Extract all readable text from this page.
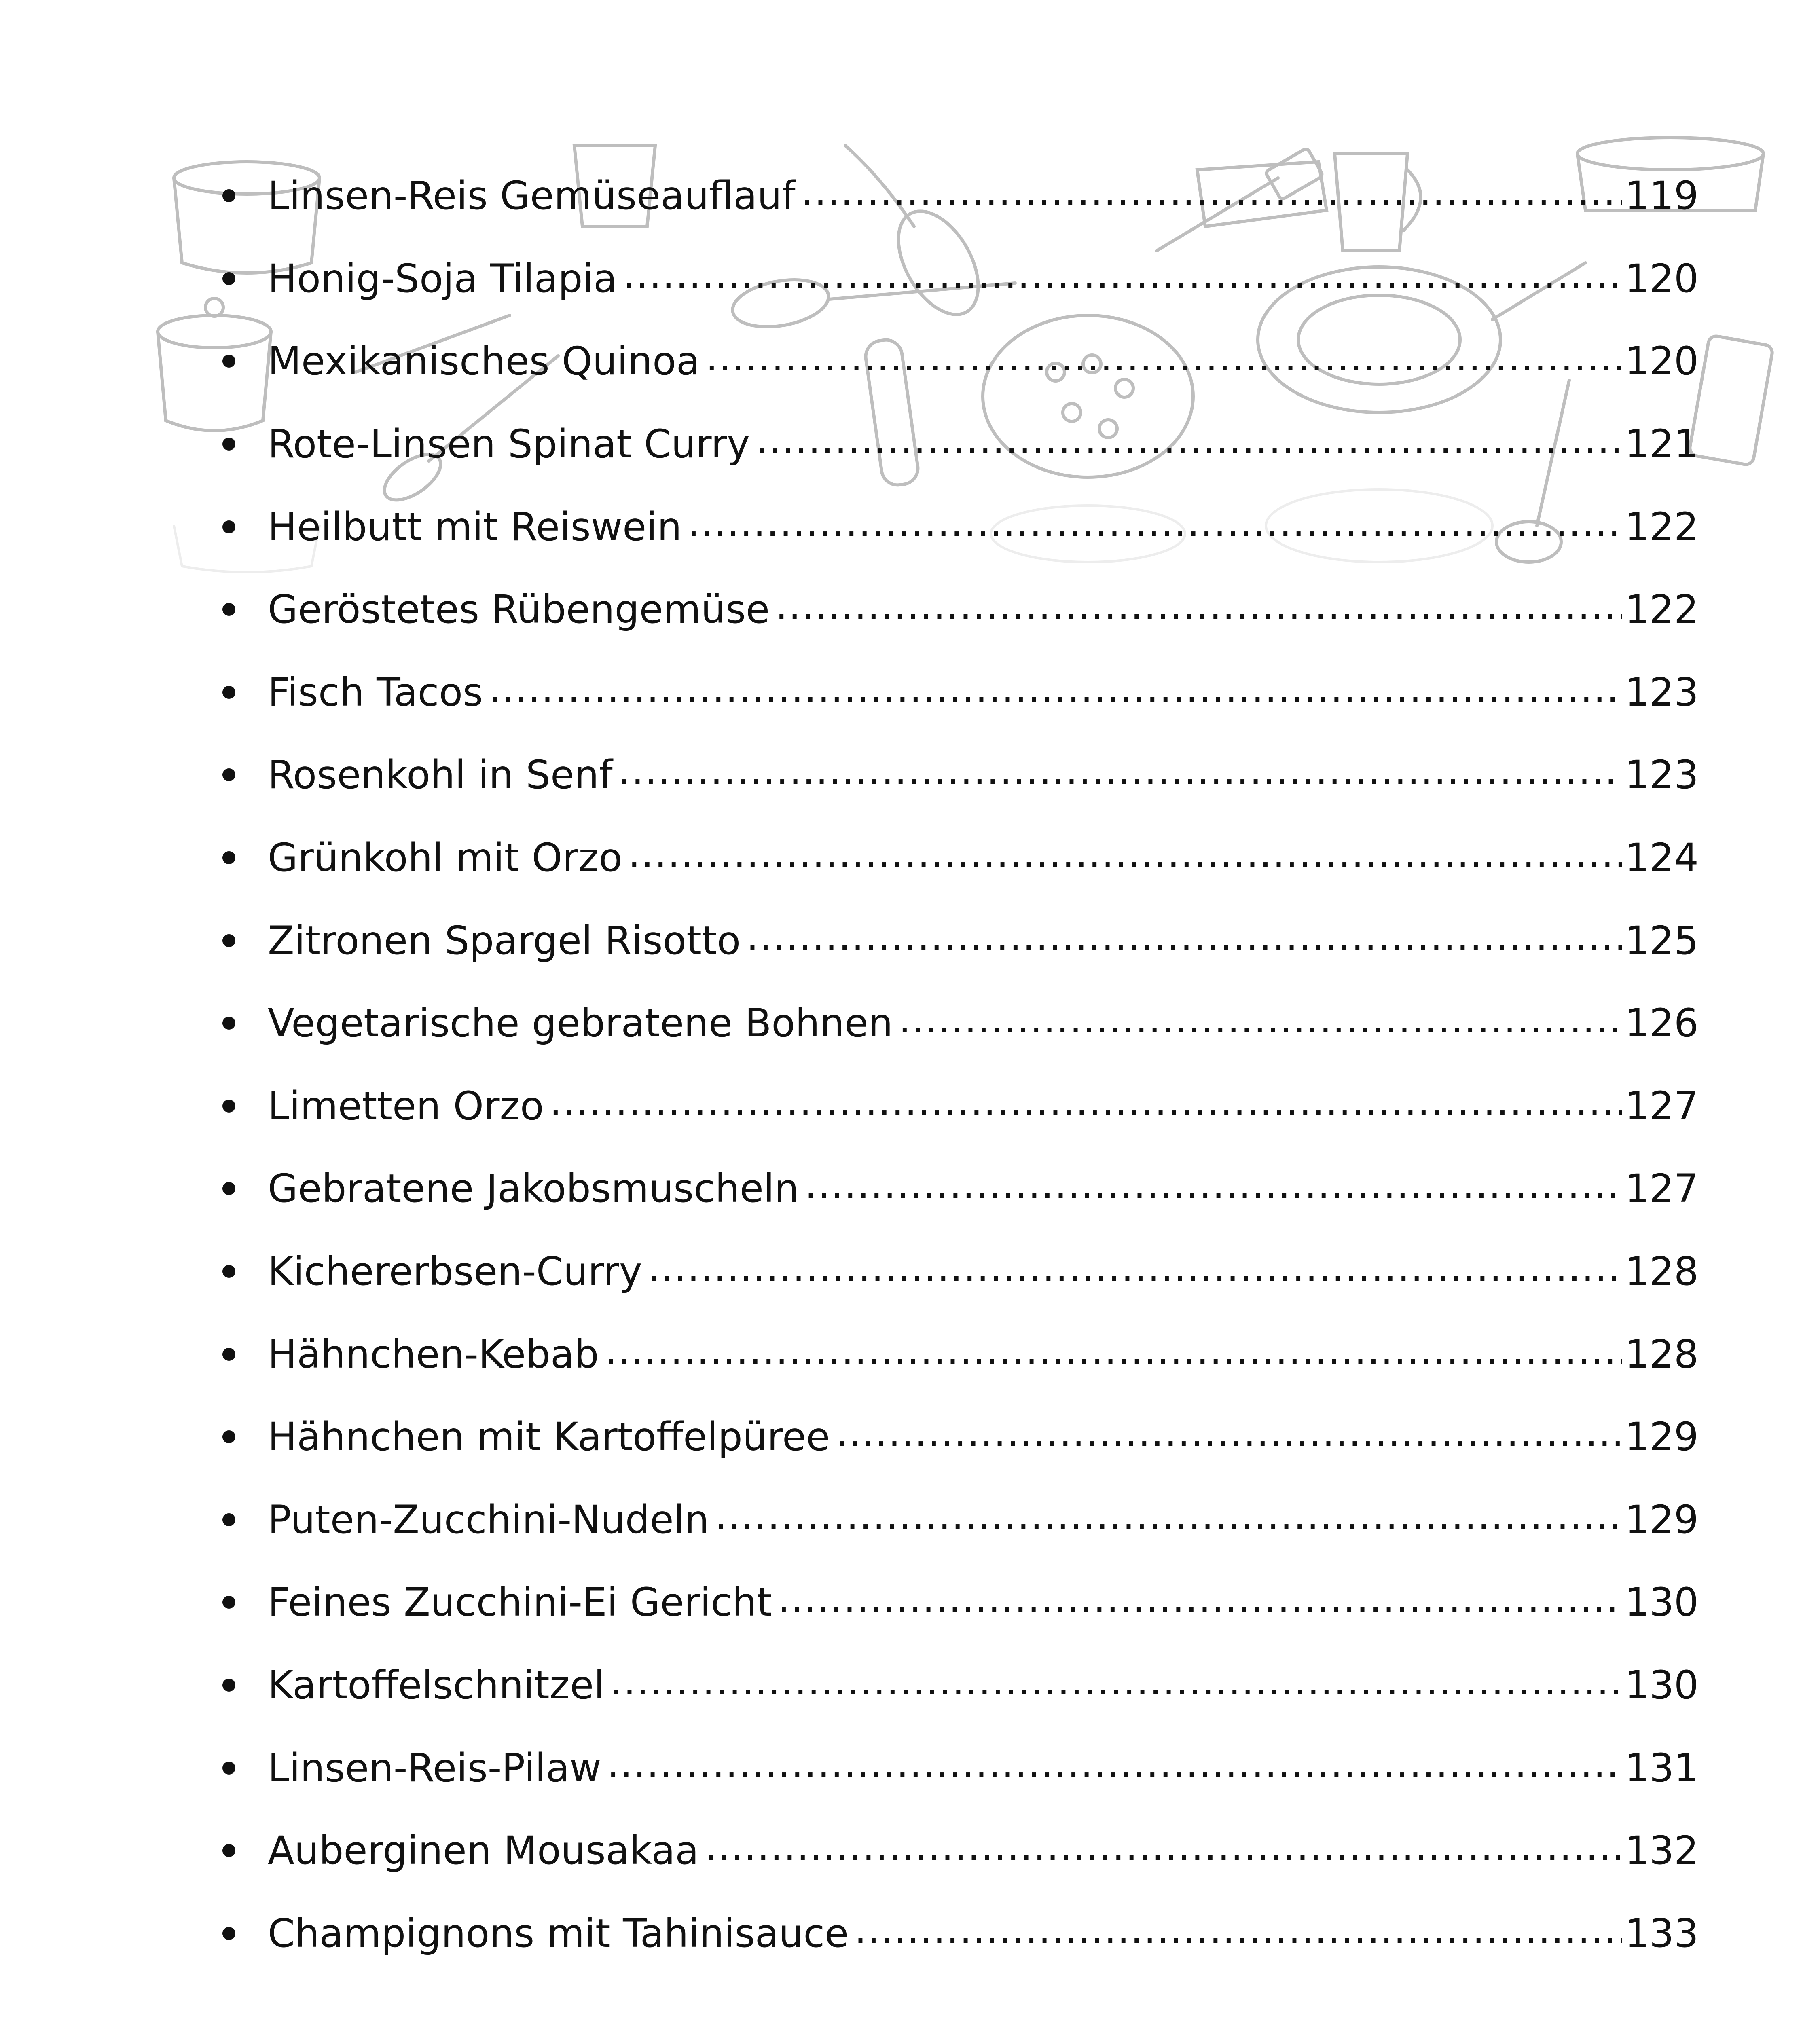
Linsen-Reis Gemüseauflauf .....	119
Honig-Soja Tilapia .....	120
Mexikanisches Quinoa .....	120
Rote-Linsen Spinat Curry .....	121
Heilbutt mit Reiswein .....	122
Geröstetes Rübengemüse .....	122
Fisch Tacos .....	123
Rosenkohl in Senf .....	123
Grünkohl mit Orzo .....	124
Zitronen Spargel Risotto .....	125
Vegetarische gebratene Bohnen .....	126
Limetten Orzo .....	127
Gebratene Jakobsmuscheln .....	127
Kichererbsen-Curry .....	128
Hähnchen-Kebab .....	128
Hähnchen mit Kartoffelpüree .....	129
Puten-Zucchini-Nudeln .....	129
Feines Zucchini-Ei Gericht .....	130
Kartoffelschnitzel .....	130
Linsen-Reis-Pilaw .....	131
Auberginen Mousakaa .....	132
Champignons mit Tahinisauce .....	133
